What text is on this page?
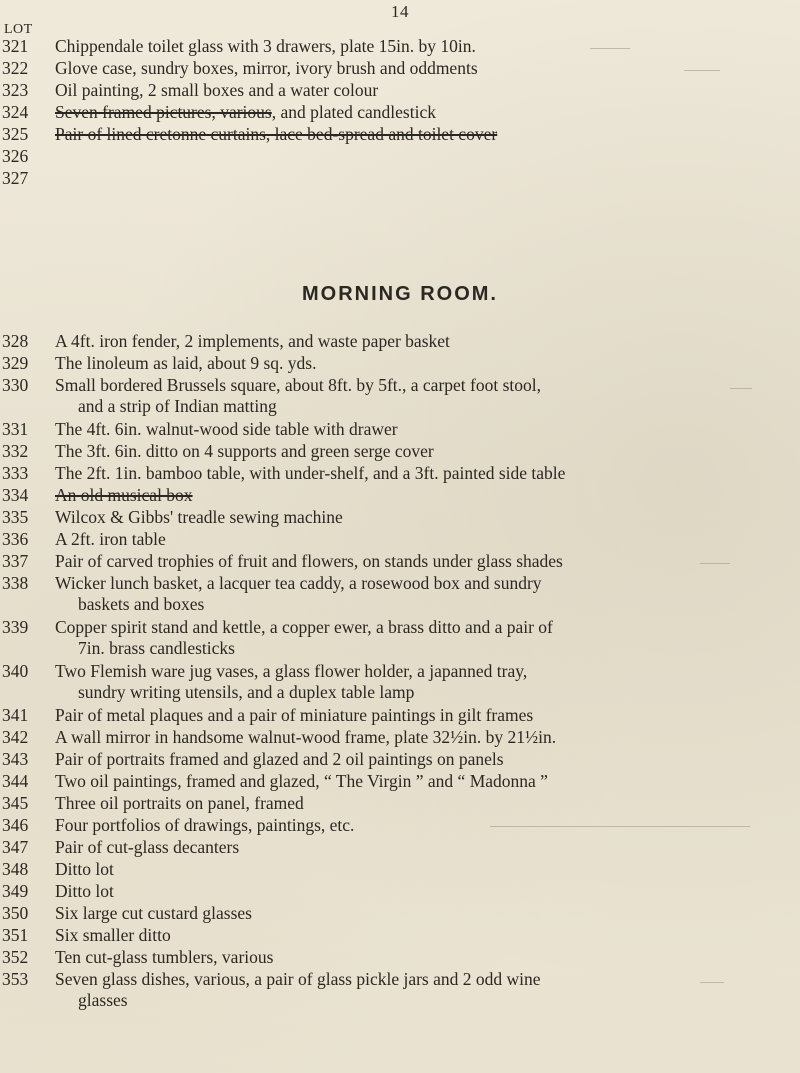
14
LOT
MORNING ROOM.
321	Chippendale toilet glass with 3 drawers, plate 15in. by 10in.
322	Glove case, sundry boxes, mirror, ivory brush and oddments
323	Oil painting, 2 small boxes and a water colour
324	Seven framed pictures, various, and plated candlestick
325	Pair of lined cretonne curtains, lace bed-spread and toilet cover
326
327
328	A 4ft. iron fender, 2 implements, and waste paper basket
329	The linoleum as laid, about 9 sq. yds.
330	Small bordered Brussels square, about 8ft. by 5ft., a carpet foot stool,
and a strip of Indian matting
331	The 4ft. 6in. walnut-wood side table with drawer
332	The 3ft. 6in. ditto on 4 supports and green serge cover
333	The 2ft. 1in. bamboo table, with under-shelf, and a 3ft. painted side table
334	An old musical box
335	Wilcox & Gibbs' treadle sewing machine
336	A 2ft. iron table
337	Pair of carved trophies of fruit and flowers, on stands under glass shades
338	Wicker lunch basket, a lacquer tea caddy, a rosewood box and sundry
baskets and boxes
339	Copper spirit stand and kettle, a copper ewer, a brass ditto and a pair of
7in. brass candlesticks
340	Two Flemish ware jug vases, a glass flower holder, a japanned tray,
sundry writing utensils, and a duplex table lamp
341	Pair of metal plaques and a pair of miniature paintings in gilt frames
342	A wall mirror in handsome walnut-wood frame, plate 32½in. by 21½in.
343	Pair of portraits framed and glazed and 2 oil paintings on panels
344	Two oil paintings, framed and glazed, “ The Virgin ” and “ Madonna ”
345	Three oil portraits on panel, framed
346	Four portfolios of drawings, paintings, etc.
347	Pair of cut-glass decanters
348	Ditto lot
349	Ditto lot
350	Six large cut custard glasses
351	Six smaller ditto
352	Ten cut-glass tumblers, various
353	Seven glass dishes, various, a pair of glass pickle jars and 2 odd wine
glasses
